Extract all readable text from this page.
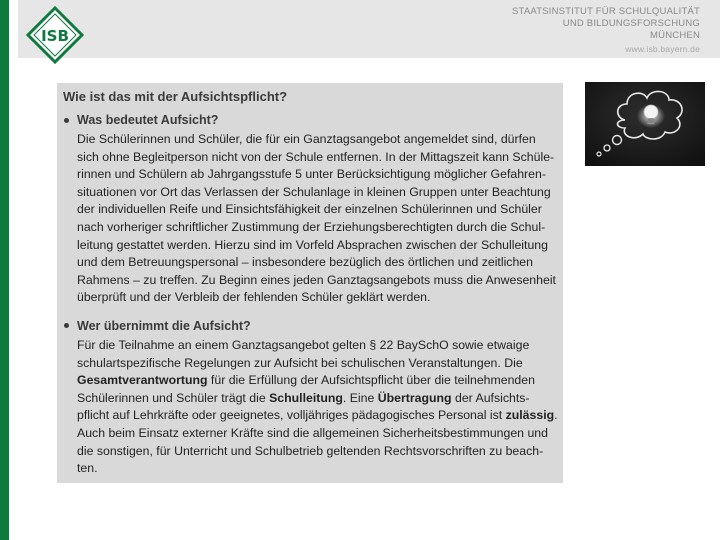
ISB
STAATSINSTITUT FÜR SCHULQUALITÄT
UND BILDUNGSFORSCHUNG
MÜNCHEN
www.isb.bayern.de
Wie ist das mit der Aufsichtspflicht?
Was bedeutet Aufsicht?
Die Schülerinnen und Schüler, die für ein Ganztagsangebot angemeldet sind, dürfen
sich ohne Begleitperson nicht von der Schule entfernen. In der Mittagszeit kann Schüle-
rinnen und Schülern ab Jahrgangsstufe 5 unter Berücksichtigung möglicher Gefahren-
situationen vor Ort das Verlassen der Schulanlage in kleinen Gruppen unter Beachtung
der individuellen Reife und Einsichtsfähigkeit der einzelnen Schülerinnen und Schüler
nach vorheriger schriftlicher Zustimmung der Erziehungsberechtigten durch die Schul-
leitung gestattet werden. Hierzu sind im Vorfeld Absprachen zwischen der Schulleitung
und dem Betreuungspersonal – insbesondere bezüglich des örtlichen und zeitlichen
Rahmens – zu treffen. Zu Beginn eines jeden Ganztagsangebots muss die Anwesenheit
überprüft und der Verbleib der fehlenden Schüler geklärt werden.
Wer übernimmt die Aufsicht?
Für die Teilnahme an einem Ganztagsangebot gelten § 22 BaySchO sowie etwaige
schulartspezifische Regelungen zur Aufsicht bei schulischen Veranstaltungen. Die
Gesamtverantwortung für die Erfüllung der Aufsichtspflicht über die teilnehmenden
Schülerinnen und Schüler trägt die Schulleitung. Eine Übertragung der Aufsichts-
pflicht auf Lehrkräfte oder geeignetes, volljähriges pädagogisches Personal ist zulässig.
Auch beim Einsatz externer Kräfte sind die allgemeinen Sicherheitsbestimmungen und
die sonstigen, für Unterricht und Schulbetrieb geltenden Rechtsvorschriften zu beach-
ten.
